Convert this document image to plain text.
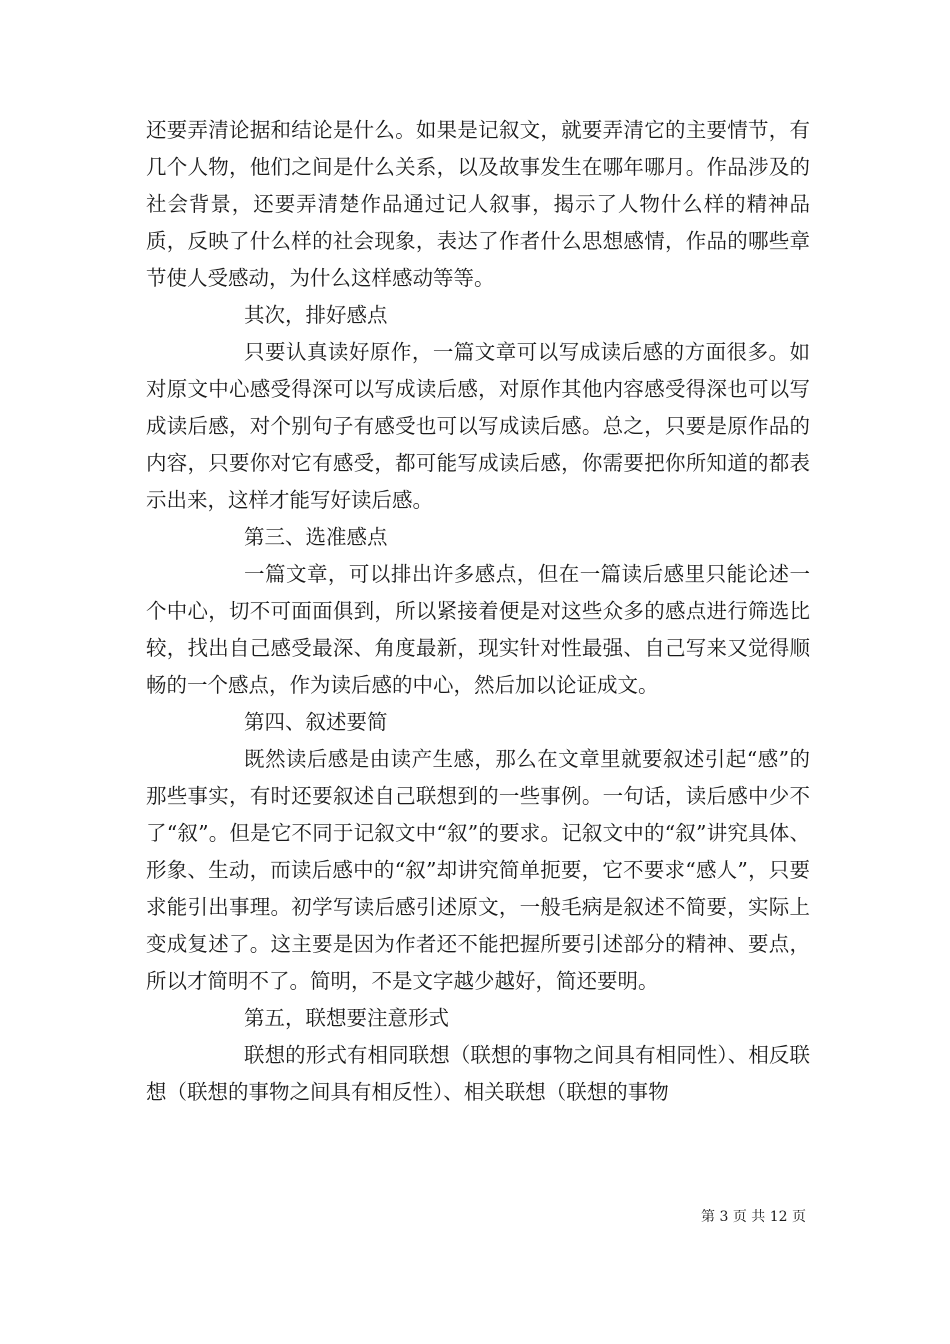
还要弄清论据和结论是什么。如果是记叙文，就要弄清它的主要情节，有几个人物，他们之间是什么关系，以及故事发生在哪年哪月。作品涉及的社会背景，还要弄清楚作品通过记人叙事，揭示了人物什么样的精神品质，反映了什么样的社会现象，表达了作者什么思想感情，作品的哪些章节使人受感动，为什么这样感动等等。

其次，排好感点

只要认真读好原作，一篇文章可以写成读后感的方面很多。如对原文中心感受得深可以写成读后感，对原作其他内容感受得深也可以写成读后感，对个别句子有感受也可以写成读后感。总之，只要是原作品的内容，只要你对它有感受，都可能写成读后感，你需要把你所知道的都表示出来，这样才能写好读后感。

第三、选准感点

一篇文章，可以排出许多感点，但在一篇读后感里只能论述一个中心，切不可面面俱到，所以紧接着便是对这些众多的感点进行筛选比较，找出自己感受最深、角度最新，现实针对性最强、自己写来又觉得顺畅的一个感点，作为读后感的中心，然后加以论证成文。

第四、叙述要简

既然读后感是由读产生感，那么在文章里就要叙述引起“感”的那些事实，有时还要叙述自己联想到的一些事例。一句话，读后感中少不了“叙”。但是它不同于记叙文中“叙”的要求。记叙文中的“叙”讲究具体、形象、生动，而读后感中的“叙”却讲究简单扼要，它不要求“感人”，只要求能引出事理。初学写读后感引述原文，一般毛病是叙述不简要，实际上变成复述了。这主要是因为作者还不能把握所要引述部分的精神、要点，所以才简明不了。简明，不是文字越少越好，简还要明。

第五，联想要注意形式

联想的形式有相同联想（联想的事物之间具有相同性）、相反联想（联想的事物之间具有相反性）、相关联想（联想的事物

第 3 页 共 12 页
